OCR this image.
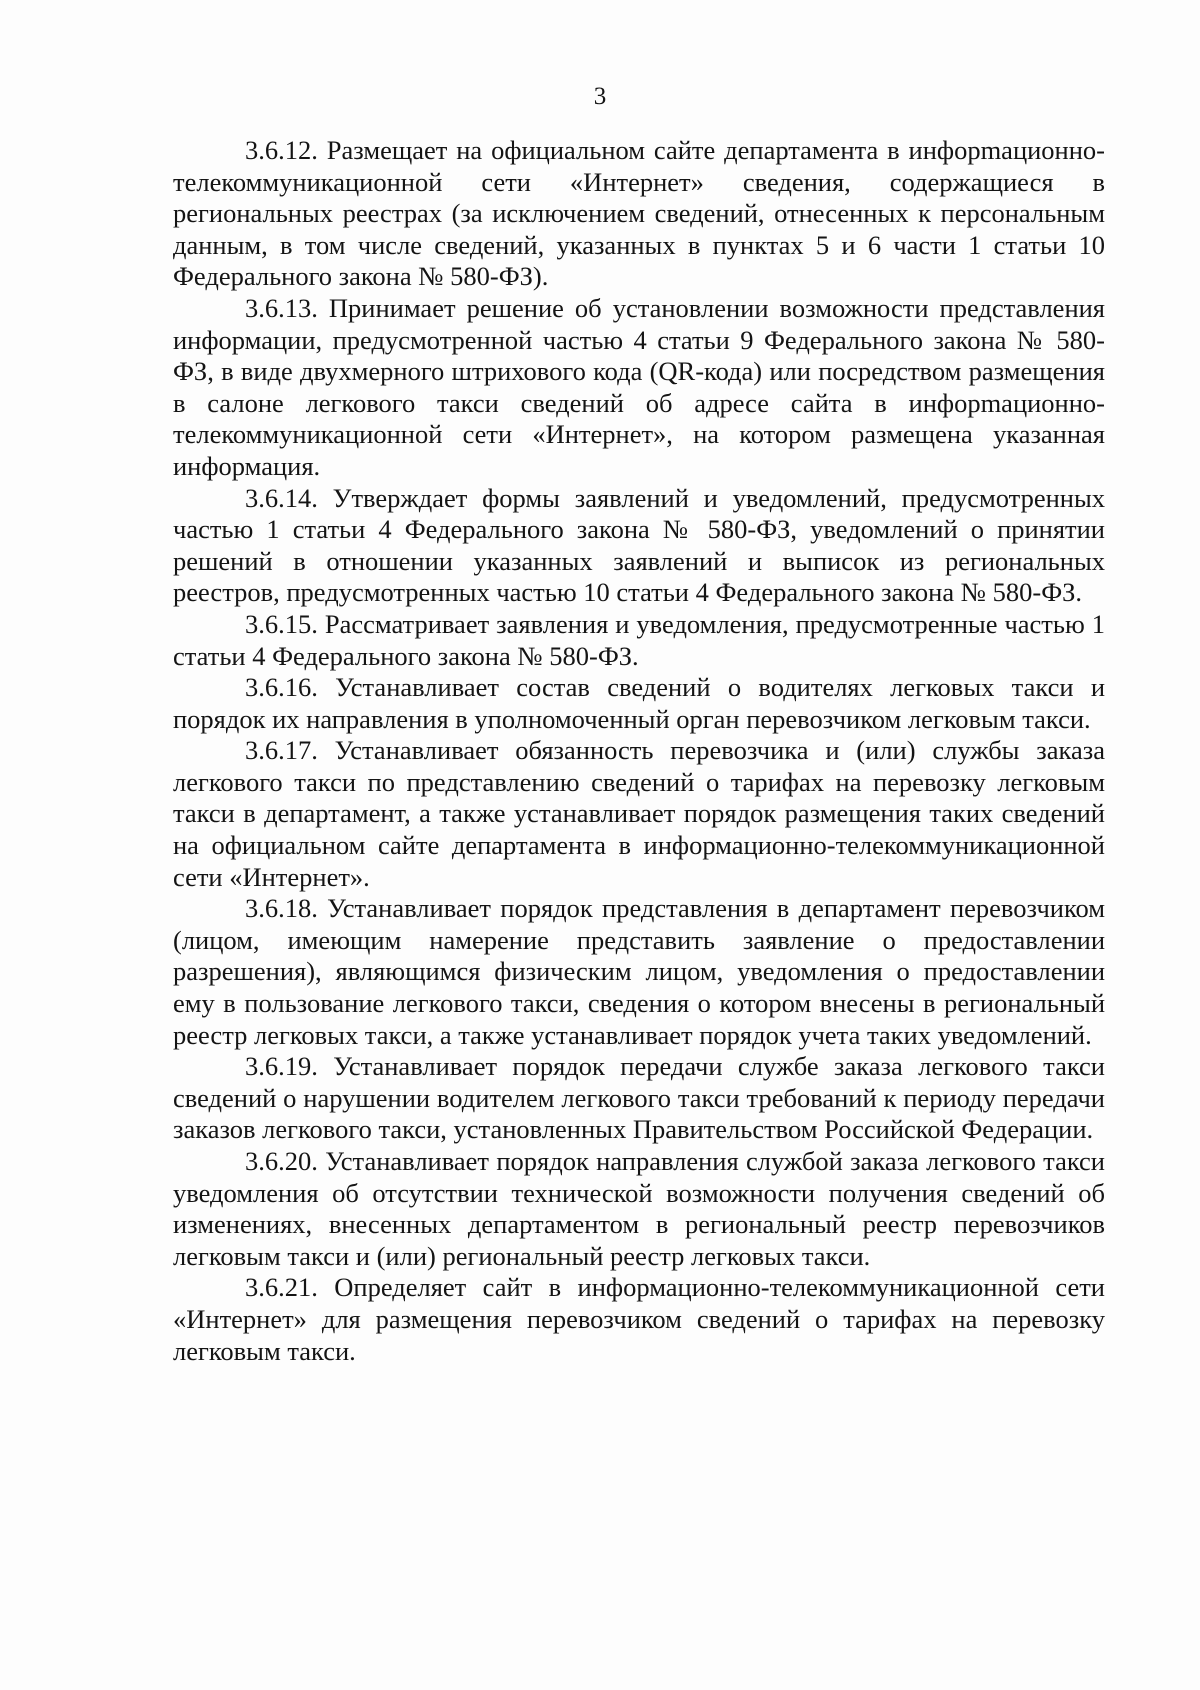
3

3.6.12. Размещает на официальном сайте департамента в инфорmационно-телекоммуникационной сети «Интернет» сведения, содержащиеся в региональных реестрах (за исключением сведений, отнесенных к персональным данным, в том числе сведений, указанных в пунктах 5 и 6 части 1 статьи 10 Федерального закона № 580-ФЗ).

3.6.13. Принимает решение об установлении возможности представления информации, предусмотренной частью 4 статьи 9 Федерального закона № 580-ФЗ, в виде двухмерного штрихового кода (QR-кода) или посредством размещения в салоне легкового такси сведений об адресе сайта в инфорmационно-телекоммуникационной сети «Интернет», на котором размещена указанная информация.

3.6.14. Утверждает формы заявлений и уведомлений, предусмотренных частью 1 статьи 4 Федерального закона № 580-ФЗ, уведомлений о принятии решений в отношении указанных заявлений и выписок из региональных реестров, предусмотренных частью 10 статьи 4 Федерального закона № 580-ФЗ.

3.6.15. Рассматривает заявления и уведомления, предусмотренные частью 1 статьи 4 Федерального закона № 580-ФЗ.

3.6.16. Устанавливает состав сведений о водителях легковых такси и порядок их направления в уполномоченный орган перевозчиком легковым такси.

3.6.17. Устанавливает обязанность перевозчика и (или) службы заказа легкового такси по представлению сведений о тарифах на перевозку легковым такси в департамент, а также устанавливает порядок размещения таких сведений на официальном сайте департамента в информационно-телекоммуникационной сети «Интернет».

3.6.18. Устанавливает порядок представления в департамент перевозчиком (лицом, имеющим намерение представить заявление о предоставлении разрешения), являющимся физическим лицом, уведомления о предоставлении ему в пользование легкового такси, сведения о котором внесены в региональный реестр легковых такси, а также устанавливает порядок учета таких уведомлений.

3.6.19. Устанавливает порядок передачи службе заказа легкового такси сведений о нарушении водителем легкового такси требований к периоду передачи заказов легкового такси, установленных Правительством Российской Федерации.

3.6.20. Устанавливает порядок направления службой заказа легкового такси уведомления об отсутствии технической возможности получения сведений об изменениях, внесенных департаментом в региональный реестр перевозчиков легковым такси и (или) региональный реестр легковых такси.

3.6.21. Определяет сайт в информационно-телекоммуникационной сети «Интернет» для размещения перевозчиком сведений о тарифах на перевозку легковым такси.
